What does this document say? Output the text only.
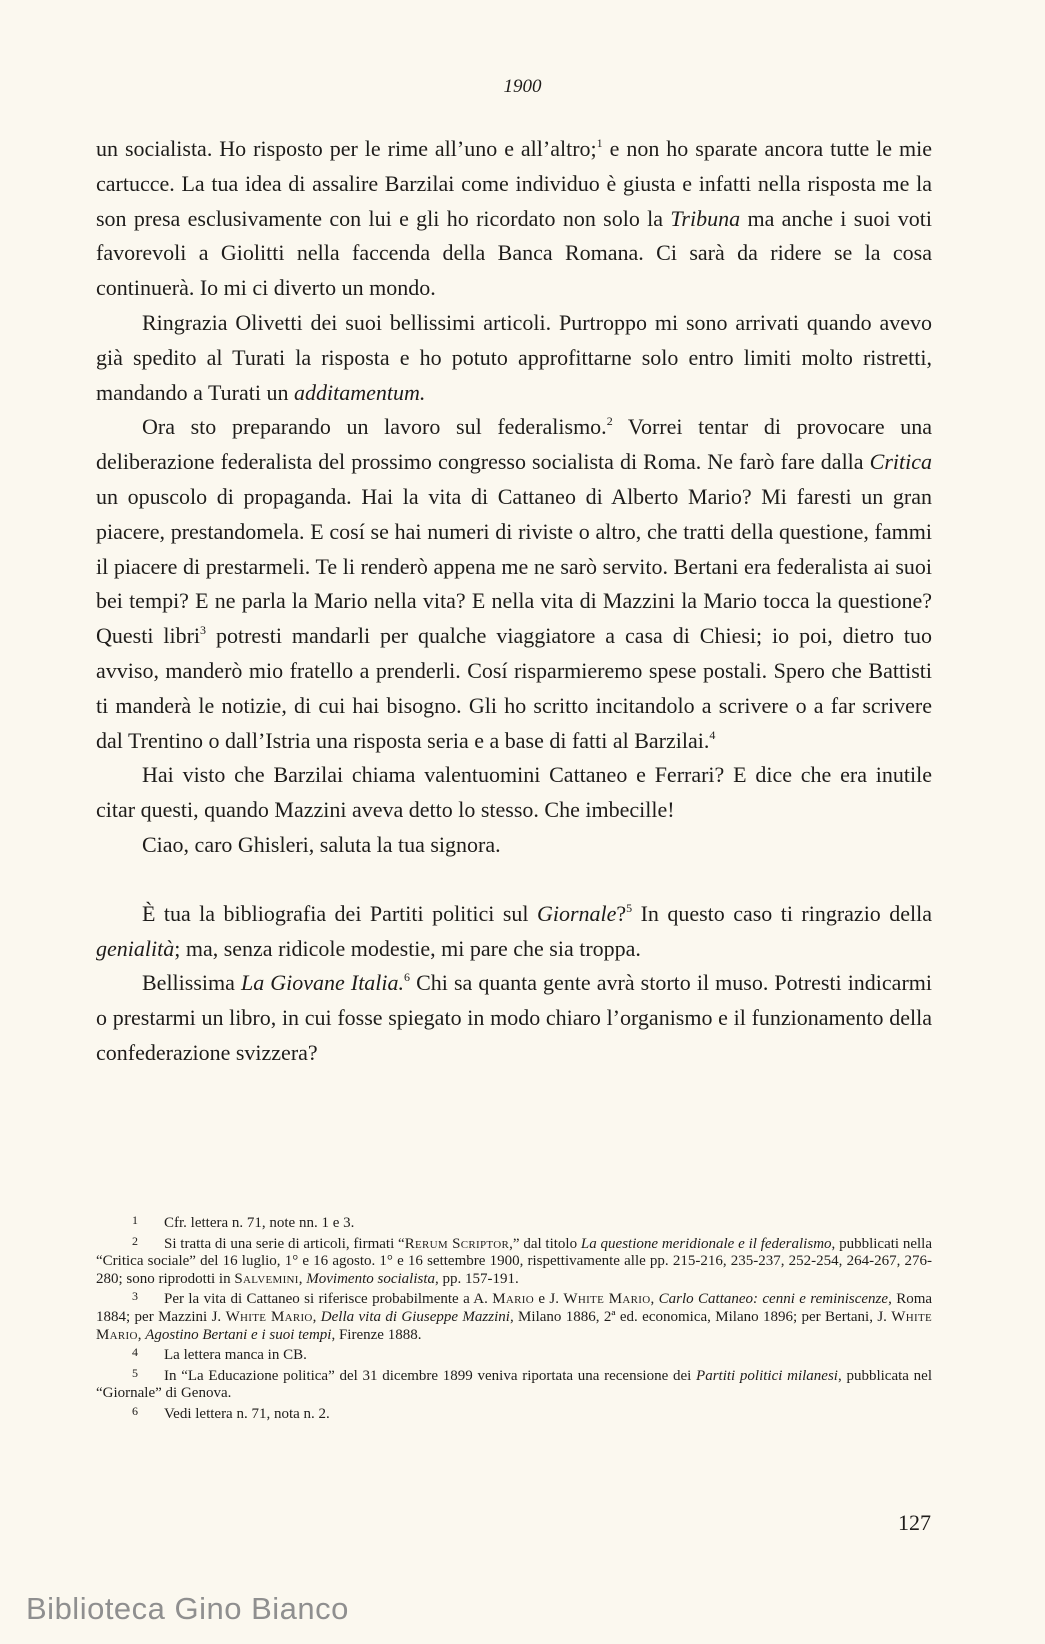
1900

un socialista. Ho risposto per le rime all’uno e all’altro;$^1$ e non ho sparate ancora tutte le mie cartucce. La tua idea di assalire Barzilai come individuo è giusta e infatti nella risposta me la son presa esclusivamente con lui e gli ho ricordato non solo la Tribuna ma anche i suoi voti favorevoli a Giolitti nella faccenda della Banca Romana. Ci sarà da ridere se la cosa continuerà. Io mi ci diverto un mondo.

Ringrazia Olivetti dei suoi bellissimi articoli. Purtroppo mi sono arrivati quando avevo già spedito al Turati la risposta e ho potuto approfittarne solo entro limiti molto ristretti, mandando a Turati un additamentum.

Ora sto preparando un lavoro sul federalismo.$^2$ Vorrei tentar di provocare una deliberazione federalista del prossimo congresso socialista di Roma. Ne farò fare dalla Critica un opuscolo di propaganda. Hai la vita di Cattaneo di Alberto Mario? Mi faresti un gran piacere, prestandomela. E cosí se hai numeri di riviste o altro, che tratti della questione, fammi il piacere di prestarmeli. Te li renderò appena me ne sarò servito. Bertani era federalista ai suoi bei tempi? E ne parla la Mario nella vita? E nella vita di Mazzini la Mario tocca la questione? Questi libri$^3$ potresti mandarli per qualche viaggiatore a casa di Chiesi; io poi, dietro tuo avviso, manderò mio fratello a prenderli. Cosí risparmieremo spese postali. Spero che Battisti ti manderà le notizie, di cui hai bisogno. Gli ho scritto incitandolo a scrivere o a far scrivere dal Trentino o dall’Istria una risposta seria e a base di fatti al Barzilai.$^4$

Hai visto che Barzilai chiama valentuomini Cattaneo e Ferrari? E dice che era inutile citar questi, quando Mazzini aveva detto lo stesso. Che imbecille!

Ciao, caro Ghisleri, saluta la tua signora.

È tua la bibliografia dei Partiti politici sul Giornale?$^5$ In questo caso ti ringrazio della genialità; ma, senza ridicole modestie, mi pare che sia troppa.

Bellissima La Giovane Italia.$^6$ Chi sa quanta gente avrà storto il muso. Potresti indicarmi o prestarmi un libro, in cui fosse spiegato in modo chiaro l’organismo e il funzionamento della confederazione svizzera?

1 Cfr. lettera n. 71, note nn. 1 e 3.

2 Si tratta di una serie di articoli, firmati “Rerum Scriptor,” dal titolo La questione meridionale e il federalismo, pubblicati nella “Critica sociale” del 16 luglio, 1° e 16 agosto. 1° e 16 settembre 1900, rispettivamente alle pp. 215-216, 235-237, 252-254, 264-267, 276-280; sono riprodotti in Salvemini, Movimento socialista, pp. 157-191.

3 Per la vita di Cattaneo si riferisce probabilmente a A. Mario e J. White Mario, Carlo Cattaneo: cenni e reminiscenze, Roma 1884; per Mazzini J. White Mario, Della vita di Giuseppe Mazzini, Milano 1886, 2ª ed. economica, Milano 1896; per Bertani, J. White Mario, Agostino Bertani e i suoi tempi, Firenze 1888.

4 La lettera manca in CB.

5 In “La Educazione politica” del 31 dicembre 1899 veniva riportata una recensione dei Partiti politici milanesi, pubblicata nel “Giornale” di Genova.

6 Vedi lettera n. 71, nota n. 2.

127
Biblioteca Gino Bianco
